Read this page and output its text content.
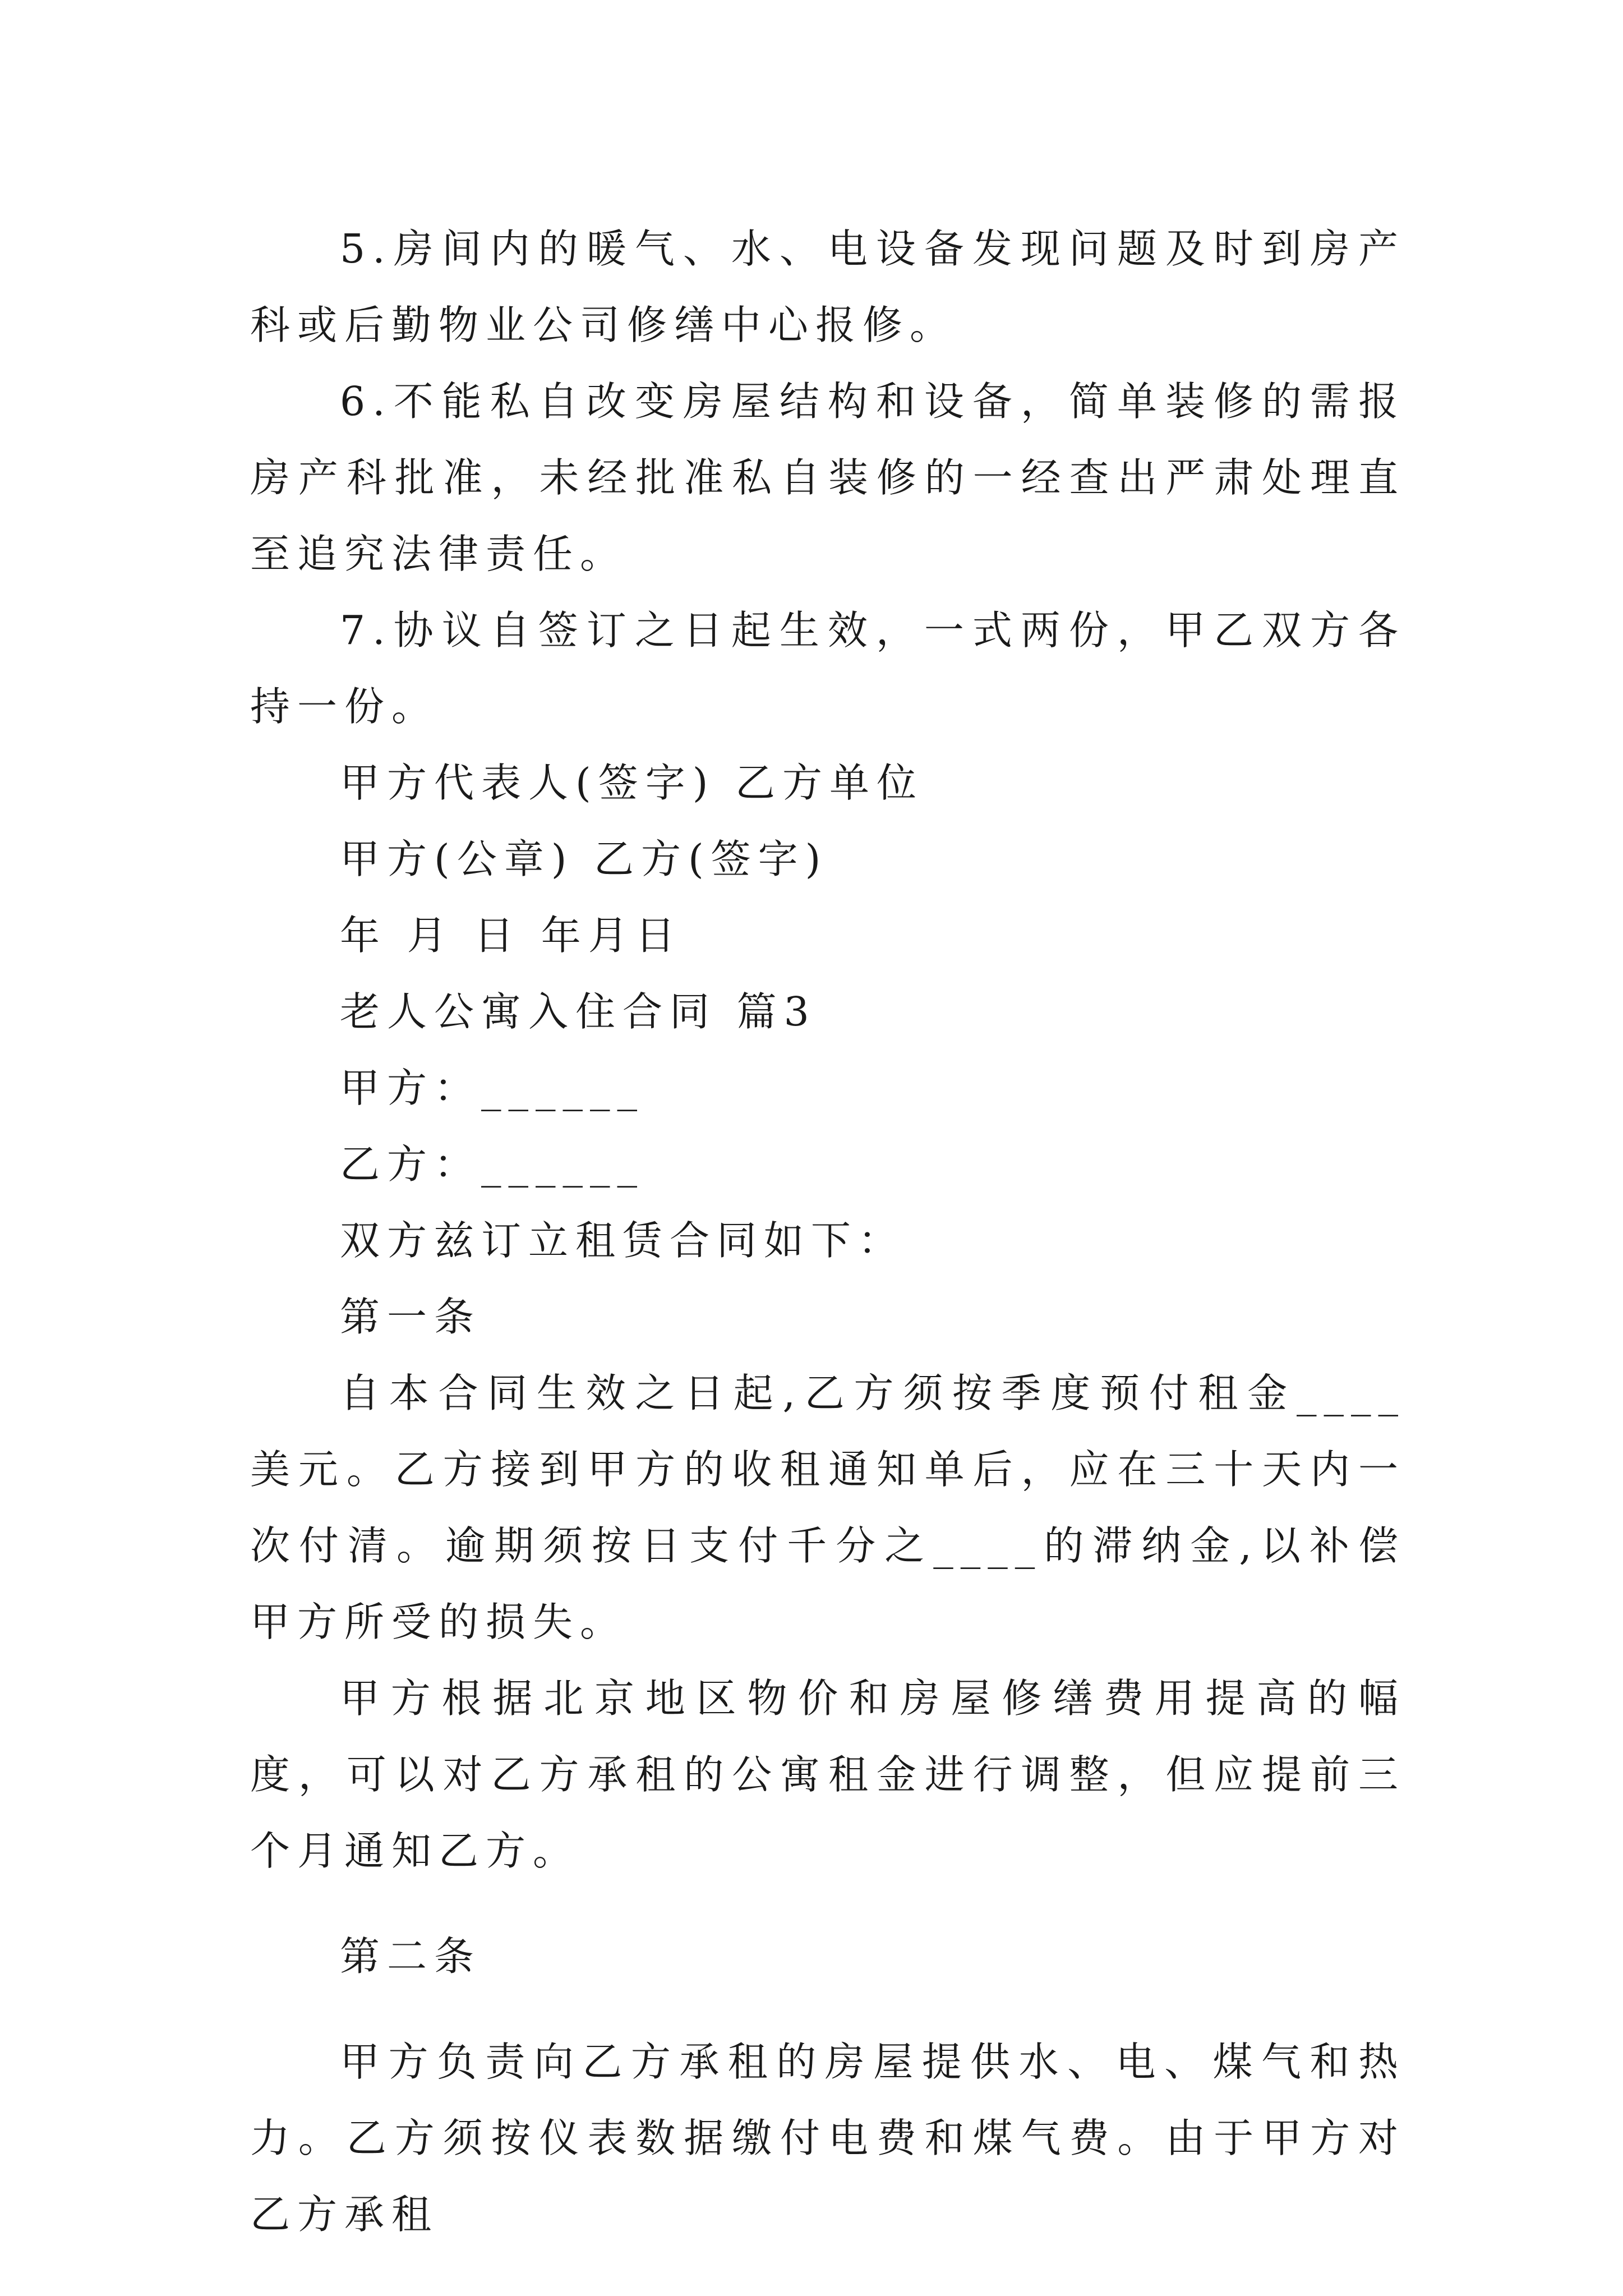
5.房间内的暖气、水、电设备发现问题及时到房产科或后勤物业公司修缮中心报修。

6.不能私自改变房屋结构和设备，简单装修的需报房产科批准，未经批准私自装修的一经查出严肃处理直至追究法律责任。

7.协议自签订之日起生效，一式两份，甲乙双方各持一份。

甲方代表人(签字) 乙方单位

甲方(公章) 乙方(签字)

年 月 日 年月日

老人公寓入住合同 篇3

甲方：______

乙方：______

双方兹订立租赁合同如下：

第一条

自本合同生效之日起,乙方须按季度预付租金____美元。乙方接到甲方的收租通知单后，应在三十天内一次付清。逾期须按日支付千分之____的滞纳金,以补偿甲方所受的损失。

甲方根据北京地区物价和房屋修缮费用提高的幅度，可以对乙方承租的公寓租金进行调整，但应提前三个月通知乙方。

第二条

甲方负责向乙方承租的房屋提供水、电、煤气和热力。乙方须按仪表数据缴付电费和煤气费。由于甲方对乙方承租
